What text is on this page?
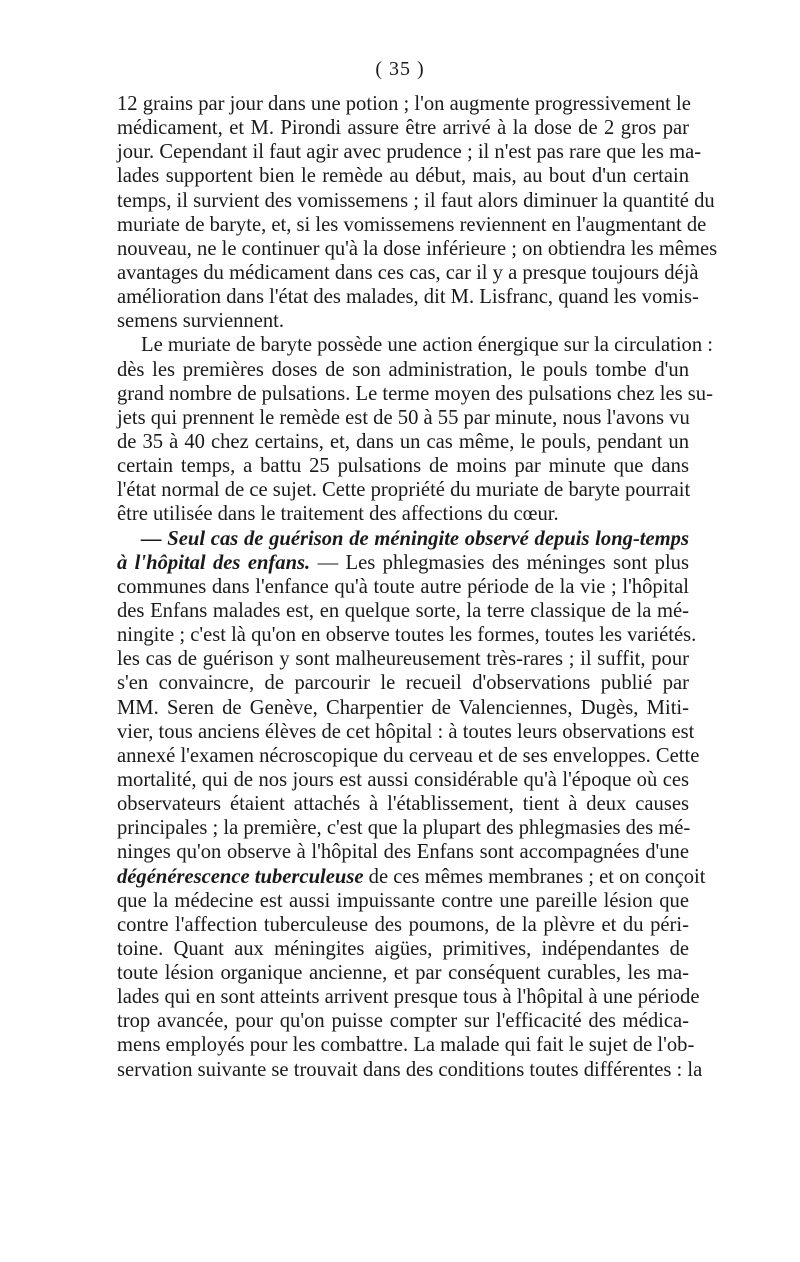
( 35 )
12 grains par jour dans une potion ; l'on augmente progressivement le
médicament, et M. Pirondi assure être arrivé à la dose de 2 gros par
jour. Cependant il faut agir avec prudence ; il n'est pas rare que les ma-
lades supportent bien le remède au début, mais, au bout d'un certain
temps, il survient des vomissemens ; il faut alors diminuer la quantité du
muriate de baryte, et, si les vomissemens reviennent en l'augmentant de
nouveau, ne le continuer qu'à la dose inférieure ; on obtiendra les mêmes
avantages du médicament dans ces cas, car il y a presque toujours déjà
amélioration dans l'état des malades, dit M. Lisfranc, quand les vomis-
semens surviennent.
Le muriate de baryte possède une action énergique sur la circulation :
dès les premières doses de son administration, le pouls tombe d'un
grand nombre de pulsations. Le terme moyen des pulsations chez les su-
jets qui prennent le remède est de 50 à 55 par minute, nous l'avons vu
de 35 à 40 chez certains, et, dans un cas même, le pouls, pendant un
certain temps, a battu 25 pulsations de moins par minute que dans
l'état normal de ce sujet. Cette propriété du muriate de baryte pourrait
être utilisée dans le traitement des affections du cœur.
— Seul cas de guérison de méningite observé depuis long-temps
à l'hôpital des enfans. — Les phlegmasies des méninges sont plus
communes dans l'enfance qu'à toute autre période de la vie ; l'hôpital
des Enfans malades est, en quelque sorte, la terre classique de la mé-
ningite ; c'est là qu'on en observe toutes les formes, toutes les variétés.
les cas de guérison y sont malheureusement très-rares ; il suffit, pour
s'en convaincre, de parcourir le recueil d'observations publié par
MM. Seren de Genève, Charpentier de Valenciennes, Dugès, Miti-
vier, tous anciens élèves de cet hôpital : à toutes leurs observations est
annexé l'examen nécroscopique du cerveau et de ses enveloppes. Cette
mortalité, qui de nos jours est aussi considérable qu'à l'époque où ces
observateurs étaient attachés à l'établissement, tient à deux causes
principales ; la première, c'est que la plupart des phlegmasies des mé-
ninges qu'on observe à l'hôpital des Enfans sont accompagnées d'une
dégénérescence tuberculeuse de ces mêmes membranes ; et on conçoit
que la médecine est aussi impuissante contre une pareille lésion que
contre l'affection tuberculeuse des poumons, de la plèvre et du péri-
toine. Quant aux méningites aigües, primitives, indépendantes de
toute lésion organique ancienne, et par conséquent curables, les ma-
lades qui en sont atteints arrivent presque tous à l'hôpital à une période
trop avancée, pour qu'on puisse compter sur l'efficacité des médica-
mens employés pour les combattre. La malade qui fait le sujet de l'ob-
servation suivante se trouvait dans des conditions toutes différentes : la
